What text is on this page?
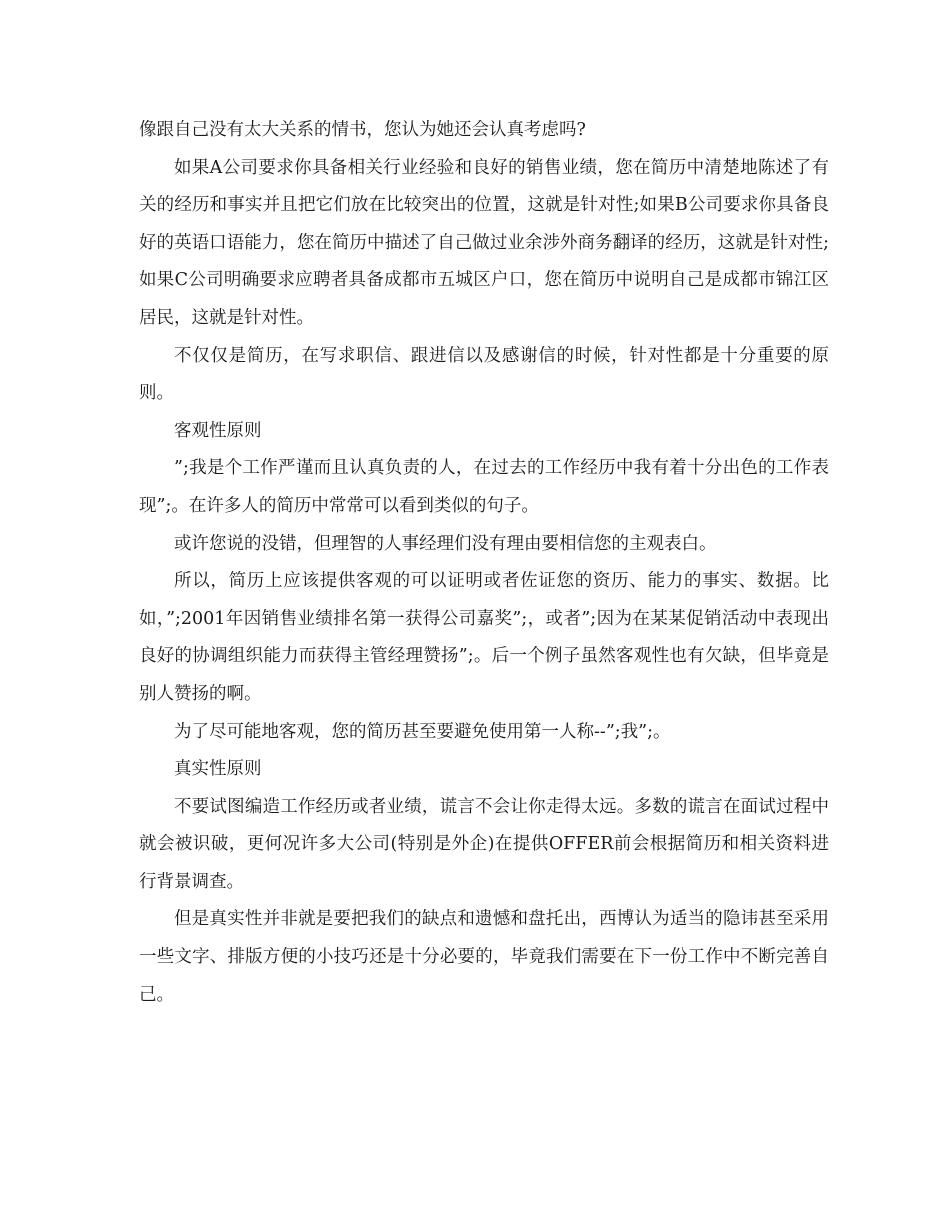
像跟自己没有太大关系的情书，您认为她还会认真考虑吗?

如果A公司要求你具备相关行业经验和良好的销售业绩，您在简历中清楚地陈述了有关的经历和事实并且把它们放在比较突出的位置，这就是针对性;如果B公司要求你具备良好的英语口语能力，您在简历中描述了自己做过业余涉外商务翻译的经历，这就是针对性;如果C公司明确要求应聘者具备成都市五城区户口，您在简历中说明自己是成都市锦江区居民，这就是针对性。

不仅仅是简历，在写求职信、跟进信以及感谢信的时候，针对性都是十分重要的原则。

客观性原则

”;我是个工作严谨而且认真负责的人，在过去的工作经历中我有着十分出色的工作表现”;。在许多人的简历中常常可以看到类似的句子。

或许您说的没错，但理智的人事经理们没有理由要相信您的主观表白。

所以，简历上应该提供客观的可以证明或者佐证您的资历、能力的事实、数据。比如，”;2001年因销售业绩排名第一获得公司嘉奖”;，或者”;因为在某某促销活动中表现出良好的协调组织能力而获得主管经理赞扬”;。后一个例子虽然客观性也有欠缺，但毕竟是别人赞扬的啊。

为了尽可能地客观，您的简历甚至要避免使用第一人称--”;我”;。

真实性原则

不要试图编造工作经历或者业绩，谎言不会让你走得太远。多数的谎言在面试过程中就会被识破，更何况许多大公司(特别是外企)在提供OFFER前会根据简历和相关资料进行背景调查。

但是真实性并非就是要把我们的缺点和遗憾和盘托出，西博认为适当的隐讳甚至采用一些文字、排版方便的小技巧还是十分必要的，毕竟我们需要在下一份工作中不断完善自己。
